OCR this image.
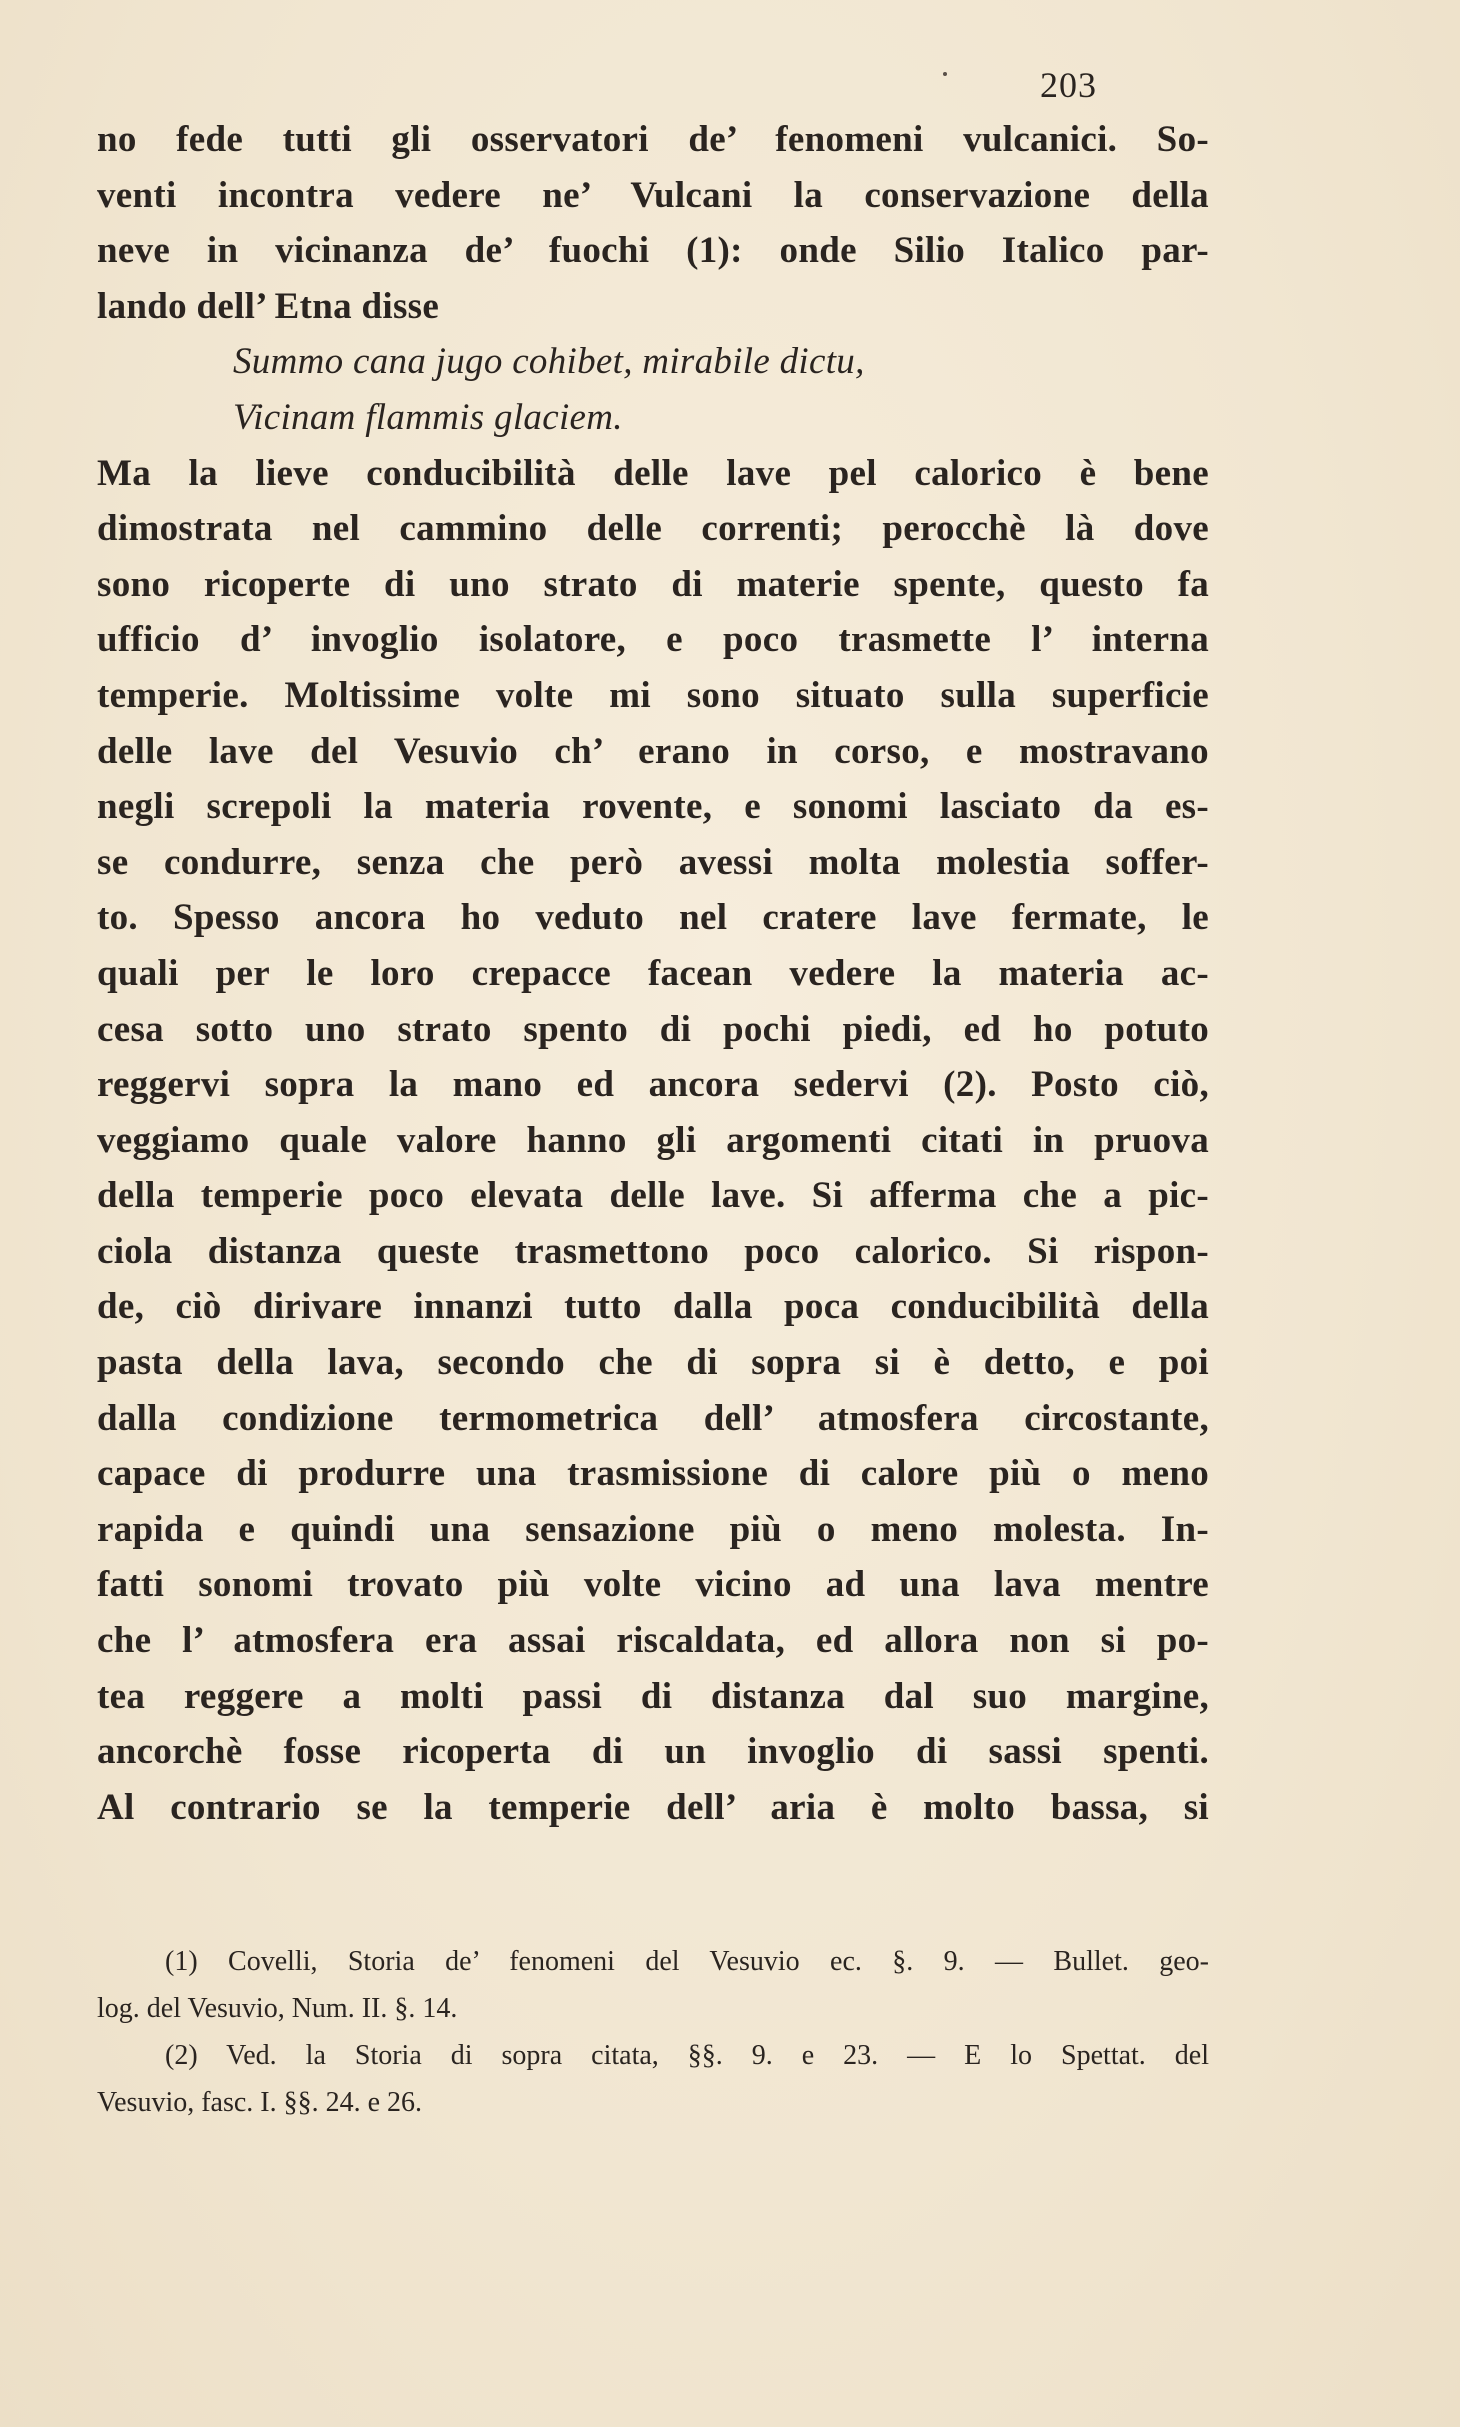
203
no fede tutti gli osservatori de’ fenomeni vulcanici. So-
venti incontra vedere ne’ Vulcani la conservazione della
neve in vicinanza de’ fuochi (1): onde Silio Italico par-
lando dell’ Etna disse
Summo cana jugo cohibet, mirabile dictu,
Vicinam flammis glaciem.
Ma la lieve conducibilità delle lave pel calorico è bene
dimostrata nel cammino delle correnti; perocchè là dove
sono ricoperte di uno strato di materie spente, questo fa
ufficio d’ invoglio isolatore, e poco trasmette l’ interna
temperie. Moltissime volte mi sono situato sulla superficie
delle lave del Vesuvio ch’ erano in corso, e mostravano
negli screpoli la materia rovente, e sonomi lasciato da es-
se condurre, senza che però avessi molta molestia soffer-
to. Spesso ancora ho veduto nel cratere lave fermate, le
quali per le loro crepacce facean vedere la materia ac-
cesa sotto uno strato spento di pochi piedi, ed ho potuto
reggervi sopra la mano ed ancora sedervi (2). Posto ciò,
veggiamo quale valore hanno gli argomenti citati in pruova
della temperie poco elevata delle lave. Si afferma che a pic-
ciola distanza queste trasmettono poco calorico. Si rispon-
de, ciò dirivare innanzi tutto dalla poca conducibilità della
pasta della lava, secondo che di sopra si è detto, e poi
dalla condizione termometrica dell’ atmosfera circostante,
capace di produrre una trasmissione di calore più o meno
rapida e quindi una sensazione più o meno molesta. In-
fatti sonomi trovato più volte vicino ad una lava mentre
che l’ atmosfera era assai riscaldata, ed allora non si po-
tea reggere a molti passi di distanza dal suo margine,
ancorchè fosse ricoperta di un invoglio di sassi spenti.
Al contrario se la temperie dell’ aria è molto bassa, si
(1) Covelli, Storia de’ fenomeni del Vesuvio ec. §. 9. — Bullet. geo-
log. del Vesuvio, Num. II. §. 14.
(2) Ved. la Storia di sopra citata, §§. 9. e 23. — E lo Spettat. del
Vesuvio, fasc. I. §§. 24. e 26.
